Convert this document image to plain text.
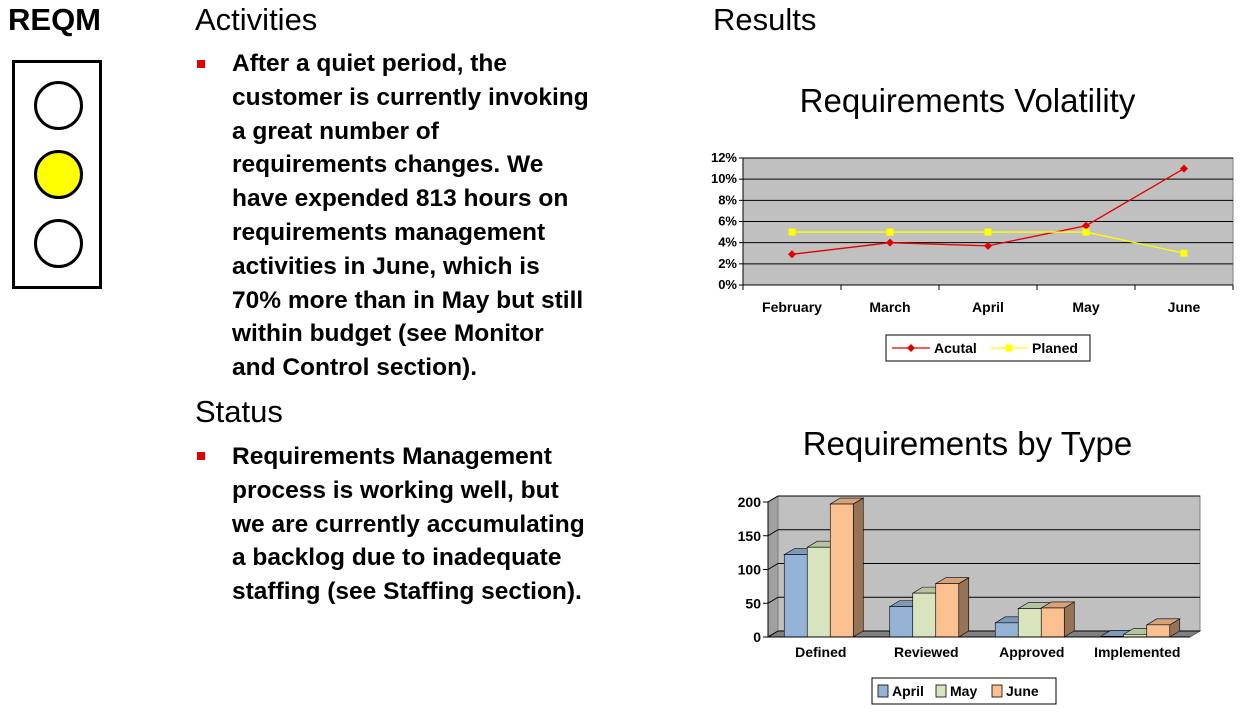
REQM	Activities
After a quiet period, the
customer is currently invoking
a great number of
requirements changes. We
have expended 813 hours on
requirements management
activities in June, which is
70% more than in May but still
within budget (see Monitor
and Control section).
Status
Requirements Management
process is working well, but
we are currently accumulating
a backlog due to inadequate
staffing (see Staffing section).
Results
Requirements Volatility
0%
2%
4%
6%
8%
10%
12%
February	March	April	May	June
Acutal	Planed
Requirements by Type
0
50
100
150
200
Defined	Reviewed	Approved Implemented
April May June
